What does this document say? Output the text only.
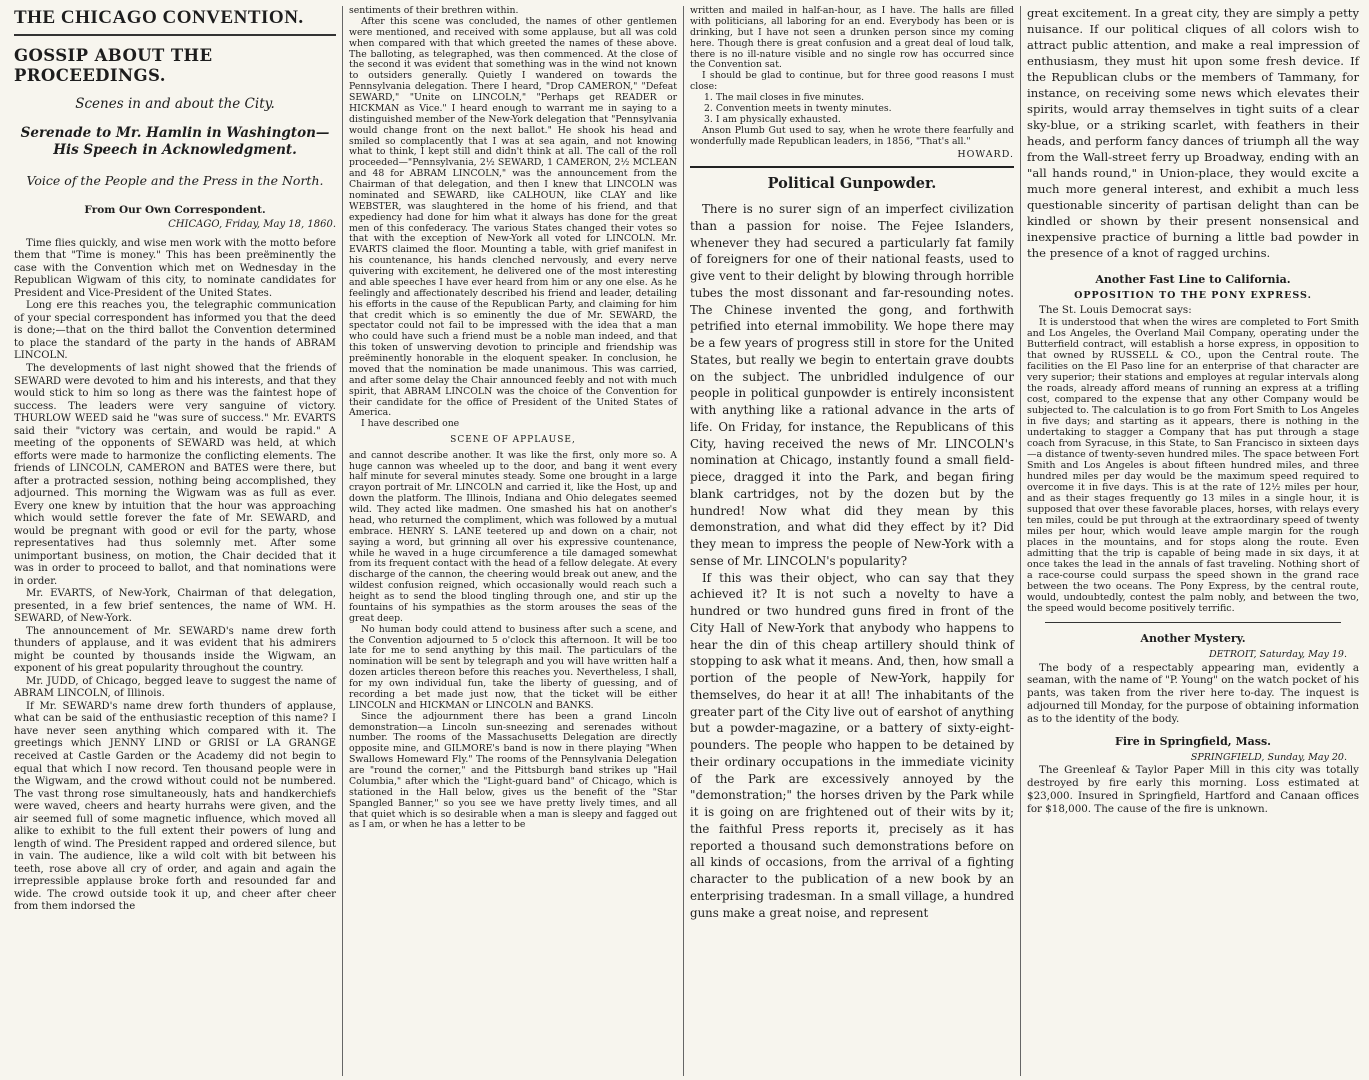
THE CHICAGO CONVENTION.
GOSSIP ABOUT THE PROCEEDINGS.
Scenes in and about the City.
Serenade to Mr. Hamlin in Washington—His Speech in Acknowledgment.
Voice of the People and the Press in the North.
From Our Own Correspondent.
CHICAGO, Friday, May 18, 1860.

Time flies quickly, and wise men work with the motto before them that "Time is money." This has been preëminently the case with the Convention which met on Wednesday in the Republican Wigwam of this city, to nominate candidates for President and Vice-President of the United States.

Long ere this reaches you, the telegraphic communication of your special correspondent has informed you that the deed is done;—that on the third ballot the Convention determined to place the standard of the party in the hands of ABRAM LINCOLN.

The developments of last night showed that the friends of SEWARD were devoted to him and his interests, and that they would stick to him so long as there was the faintest hope of success. The leaders were very sanguine of victory. THURLOW WEED said he "was sure of success." Mr. EVARTS said their "victory was certain, and would be rapid." A meeting of the opponents of SEWARD was held, at which efforts were made to harmonize the conflicting elements. The friends of LINCOLN, CAMERON and BATES were there, but after a protracted session, nothing being accomplished, they adjourned. This morning the Wigwam was as full as ever. Every one knew by intuition that the hour was approaching which would settle forever the fate of Mr. SEWARD, and would be pregnant with good or evil for the party, whose representatives had thus solemnly met. After some unimportant business, on motion, the Chair decided that it was in order to proceed to ballot, and that nominations were in order.

Mr. EVARTS, of New-York, Chairman of that delegation, presented, in a few brief sentences, the name of WM. H. SEWARD, of New-York.

The announcement of Mr. SEWARD's name drew forth thunders of applause, and it was evident that his admirers might be counted by thousands inside the Wigwam, an exponent of his great popularity throughout the country.

Mr. JUDD, of Chicago, begged leave to suggest the name of ABRAM LINCOLN, of Illinois.

If Mr. SEWARD's name drew forth thunders of applause, what can be said of the enthusiastic reception of this name? I have never seen anything which compared with it. The greetings which JENNY LIND or GRISI or LA GRANGE received at Castle Garden or the Academy did not begin to equal that which I now record. Ten thousand people were in the Wigwam, and the crowd without could not be numbered. The vast throng rose simultaneously, hats and handkerchiefs were waved, cheers and hearty hurrahs were given, and the air seemed full of some magnetic influence, which moved all alike to exhibit to the full extent their powers of lung and length of wind. The President rapped and ordered silence, but in vain. The audience, like a wild colt with bit between his teeth, rose above all cry of order, and again and again the irrepressible applause broke forth and resounded far and wide. The crowd outside took it up, and cheer after cheer from them indorsed the

sentiments of their brethren within.

After this scene was concluded, the names of other gentlemen were mentioned, and received with some applause, but all was cold when compared with that which greeted the names of these above. The balloting, as telegraphed, was then commenced. At the close of the second it was evident that something was in the wind not known to outsiders generally. Quietly I wandered on towards the Pennsylvania delegation. There I heard, "Drop CAMERON," "Defeat SEWARD," "Unite on LINCOLN," "Perhaps get READER or HICKMAN as Vice." I heard enough to warrant me in saying to a distinguished member of the New-York delegation that "Pennsylvania would change front on the next ballot." He shook his head and smiled so complacently that I was at sea again, and not knowing what to think, I kept still and didn't think at all. The call of the roll proceeded—"Pennsylvania, 2½ SEWARD, 1 CAMERON, 2½ MCLEAN and 48 for ABRAM LINCOLN," was the announcement from the Chairman of that delegation, and then I knew that LINCOLN was nominated and SEWARD, like CALHOUN, like CLAY and like WEBSTER, was slaughtered in the home of his friend, and that expediency had done for him what it always has done for the great men of this confederacy. The various States changed their votes so that with the exception of New-York all voted for LINCOLN. Mr. EVARTS claimed the floor. Mounting a table, with grief manifest in his countenance, his hands clenched nervously, and every nerve quivering with excitement, he delivered one of the most interesting and able speeches I have ever heard from him or any one else. As he feelingly and affectionately described his friend and leader, detailing his efforts in the cause of the Republican Party, and claiming for him that credit which is so eminently the due of Mr. SEWARD, the spectator could not fail to be impressed with the idea that a man who could have such a friend must be a noble man indeed, and that this token of unswerving devotion to principle and friendship was preëminently honorable in the eloquent speaker. In conclusion, he moved that the nomination be made unanimous. This was carried, and after some delay the Chair announced feebly and not with much spirit, that ABRAM LINCOLN was the choice of the Convention for their candidate for the office of President of the United States of America.

I have described one

SCENE OF APPLAUSE,

and cannot describe another. It was like the first, only more so. A huge cannon was wheeled up to the door, and bang it went every half minute for several minutes steady. Some one brought in a large crayon portrait of Mr. LINCOLN and carried it, like the Host, up and down the platform. The Illinois, Indiana and Ohio delegates seemed wild. They acted like madmen. One smashed his hat on another's head, who returned the compliment, which was followed by a mutual embrace. HENRY S. LANE teetered up and down on a chair, not saying a word, but grinning all over his expressive countenance, while he waved in a huge circumference a tile damaged somewhat from its frequent contact with the head of a fellow delegate. At every discharge of the cannon, the cheering would break out anew, and the wildest confusion reigned, which occasionally would reach such a height as to send the blood tingling through one, and stir up the fountains of his sympathies as the storm arouses the seas of the great deep.

No human body could attend to business after such a scene, and the Convention adjourned to 5 o'clock this afternoon. It will be too late for me to send anything by this mail. The particulars of the nomination will be sent by telegraph and you will have written half a dozen articles thereon before this reaches you. Nevertheless, I shall, for my own individual fun, take the liberty of guessing, and of recording a bet made just now, that the ticket will be either LINCOLN and HICKMAN or LINCOLN and BANKS.

Since the adjournment there has been a grand Lincoln demonstration—a Lincoln sun-sneezing and serenades without number. The rooms of the Massachusetts Delegation are directly opposite mine, and GILMORE's band is now in there playing "When Swallows Homeward Fly." The rooms of the Pennsylvania Delegation are "round the corner," and the Pittsburgh band strikes up "Hail Columbia," after which the "Light-guard band" of Chicago, which is stationed in the Hall below, gives us the benefit of the "Star Spangled Banner," so you see we have pretty lively times, and all that quiet which is so desirable when a man is sleepy and fagged out as I am, or when he has a letter to be

written and mailed in half-an-hour, as I have. The halls are filled with politicians, all laboring for an end. Everybody has been or is drinking, but I have not seen a drunken person since my coming here. Though there is great confusion and a great deal of loud talk, there is no ill-nature visible and no single row has occurred since the Convention sat.

I should be glad to continue, but for three good reasons I must close:

1. The mail closes in five minutes.

2. Convention meets in twenty minutes.

3. I am physically exhausted.

Anson Plumb Gut used to say, when he wrote there fearfully and wonderfully made Republican leaders, in 1856, "That's all."

HOWARD.
Political Gunpowder.

There is no surer sign of an imperfect civilization than a passion for noise. The Fejee Islanders, whenever they had secured a particularly fat family of foreigners for one of their national feasts, used to give vent to their delight by blowing through horrible tubes the most dissonant and far-resounding notes. The Chinese invented the gong, and forthwith petrified into eternal immobility. We hope there may be a few years of progress still in store for the United States, but really we begin to entertain grave doubts on the subject. The unbridled indulgence of our people in political gunpowder is entirely inconsistent with anything like a rational advance in the arts of life. On Friday, for instance, the Republicans of this City, having received the news of Mr. LINCOLN's nomination at Chicago, instantly found a small field-piece, dragged it into the Park, and began firing blank cartridges, not by the dozen but by the hundred! Now what did they mean by this demonstration, and what did they effect by it? Did they mean to impress the people of New-York with a sense of Mr. LINCOLN's popularity?

If this was their object, who can say that they achieved it? It is not such a novelty to have a hundred or two hundred guns fired in front of the City Hall of New-York that anybody who happens to hear the din of this cheap artillery should think of stopping to ask what it means. And, then, how small a portion of the people of New-York, happily for themselves, do hear it at all! The inhabitants of the greater part of the City live out of earshot of anything but a powder-magazine, or a battery of sixty-eight-pounders. The people who happen to be detained by their ordinary occupations in the immediate vicinity of the Park are excessively annoyed by the "demonstration;" the horses driven by the Park while it is going on are frightened out of their wits by it; the faithful Press reports it, precisely as it has reported a thousand such demonstrations before on all kinds of occasions, from the arrival of a fighting character to the publication of a new book by an enterprising tradesman. In a small village, a hundred guns make a great noise, and represent

great excitement. In a great city, they are simply a petty nuisance. If our political cliques of all colors wish to attract public attention, and make a real impression of enthusiasm, they must hit upon some fresh device. If the Republican clubs or the members of Tammany, for instance, on receiving some news which elevates their spirits, would array themselves in tight suits of a clear sky-blue, or a striking scarlet, with feathers in their heads, and perform fancy dances of triumph all the way from the Wall-street ferry up Broadway, ending with an "all hands round," in Union-place, they would excite a much more general interest, and exhibit a much less questionable sincerity of partisan delight than can be kindled or shown by their present nonsensical and inexpensive practice of burning a little bad powder in the presence of a knot of ragged urchins.

Another Fast Line to California.
OPPOSITION TO THE PONY EXPRESS.

The St. Louis Democrat says:

It is understood that when the wires are completed to Fort Smith and Los Angeles, the Overland Mail Company, operating under the Butterfield contract, will establish a horse express, in opposition to that owned by RUSSELL & CO., upon the Central route. The facilities on the El Paso line for an enterprise of that character are very superior; their stations and employes at regular intervals along the roads, already afford means of running an express at a trifling cost, compared to the expense that any other Company would be subjected to. The calculation is to go from Fort Smith to Los Angeles in five days; and starting as it appears, there is nothing in the undertaking to stagger a Company that has put through a stage coach from Syracuse, in this State, to San Francisco in sixteen days—a distance of twenty-seven hundred miles. The space between Fort Smith and Los Angeles is about fifteen hundred miles, and three hundred miles per day would be the maximum speed required to overcome it in five days. This is at the rate of 12½ miles per hour, and as their stages frequently go 13 miles in a single hour, it is supposed that over these favorable places, horses, with relays every ten miles, could be put through at the extraordinary speed of twenty miles per hour, which would leave ample margin for the rough places in the mountains, and for stops along the route. Even admitting that the trip is capable of being made in six days, it at once takes the lead in the annals of fast traveling. Nothing short of a race-course could surpass the speed shown in the grand race between the two oceans. The Pony Express, by the central route, would, undoubtedly, contest the palm nobly, and between the two, the speed would become positively terrific.

Another Mystery.
DETROIT, Saturday, May 19.

The body of a respectably appearing man, evidently a seaman, with the name of "P. Young" on the watch pocket of his pants, was taken from the river here to-day. The inquest is adjourned till Monday, for the purpose of obtaining information as to the identity of the body.

Fire in Springfield, Mass.
SPRINGFIELD, Sunday, May 20.

The Greenleaf & Taylor Paper Mill in this city was totally destroyed by fire early this morning. Loss estimated at $23,000. Insured in Springfield, Hartford and Canaan offices for $18,000. The cause of the fire is unknown.
